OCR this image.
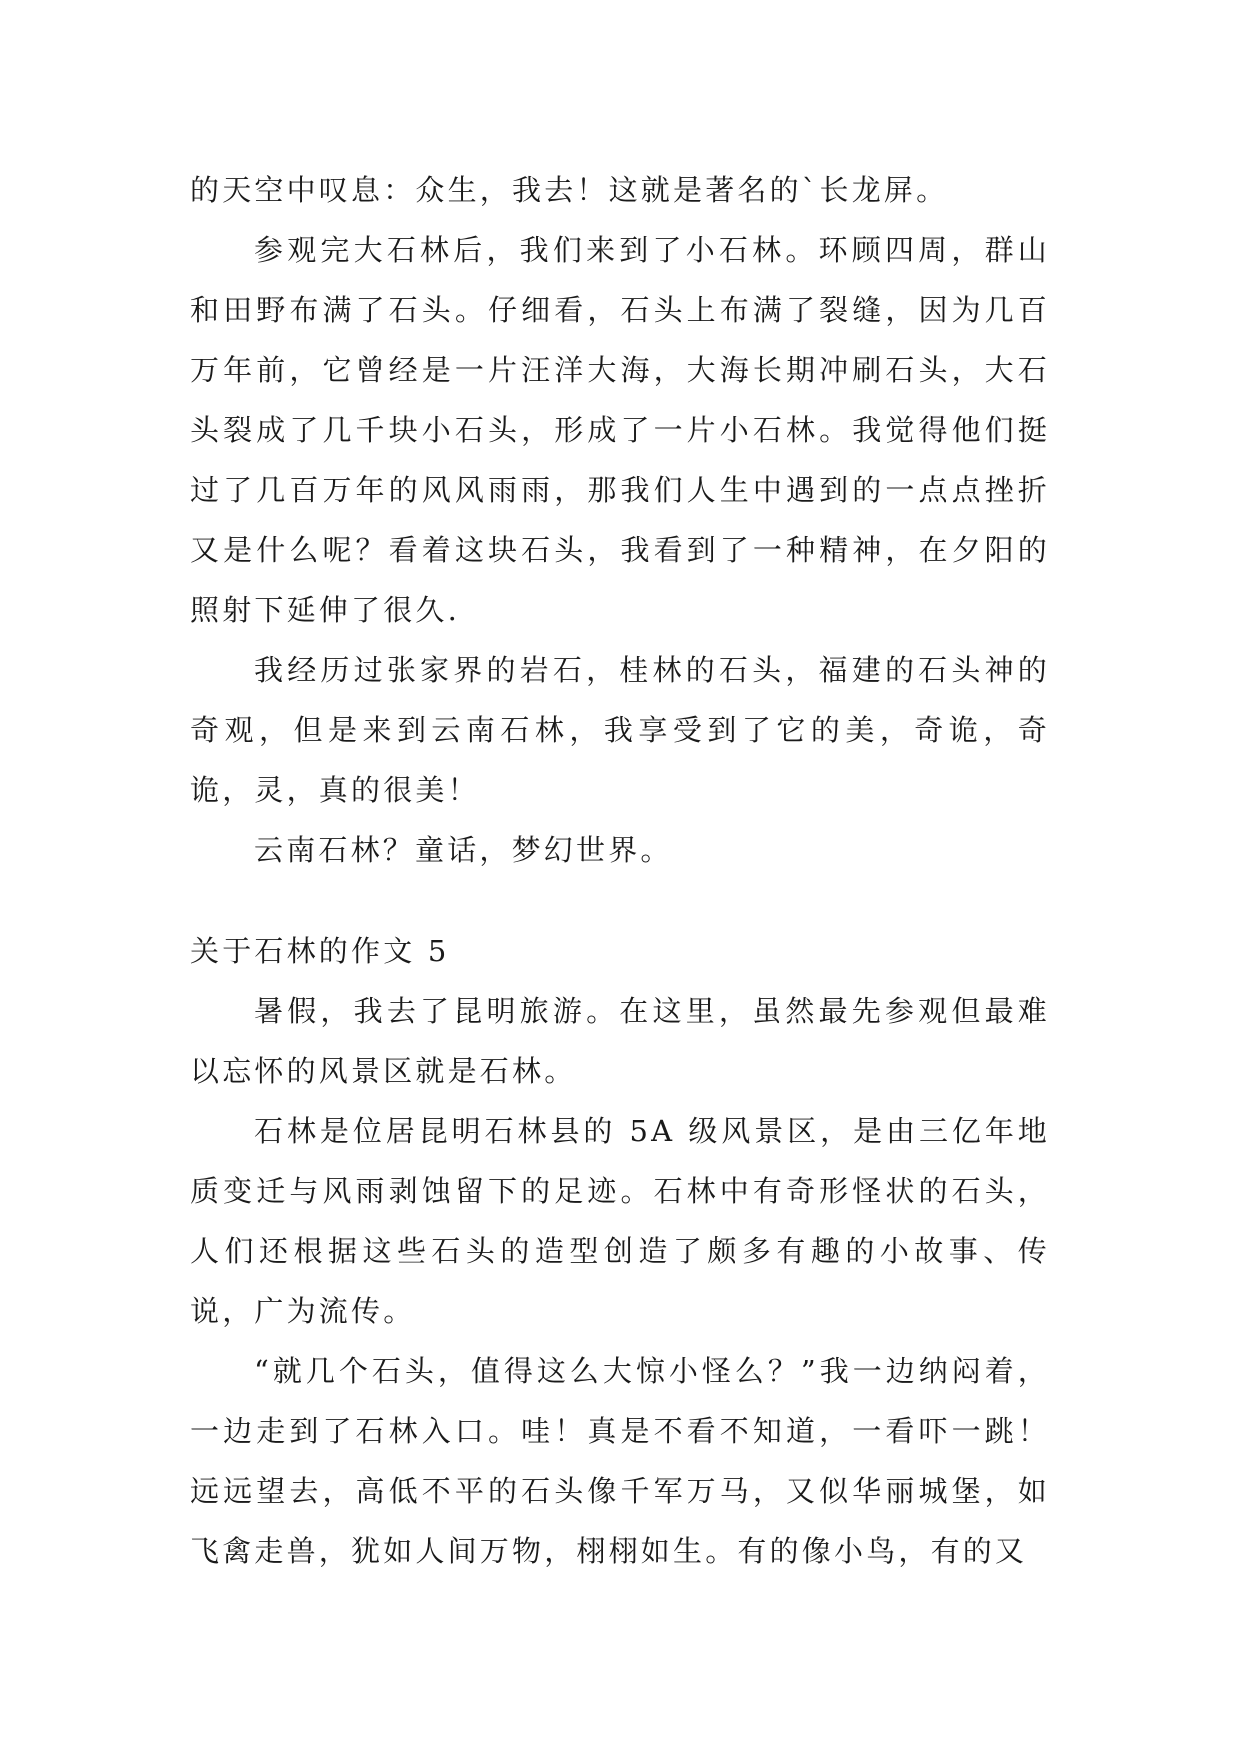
的天空中叹息：众生，我去！这就是著名的`长龙屏。

参观完大石林后，我们来到了小石林。环顾四周，群山和田野布满了石头。仔细看，石头上布满了裂缝，因为几百万年前，它曾经是一片汪洋大海，大海长期冲刷石头，大石头裂成了几千块小石头，形成了一片小石林。我觉得他们挺过了几百万年的风风雨雨，那我们人生中遇到的一点点挫折又是什么呢？看着这块石头，我看到了一种精神，在夕阳的照射下延伸了很久.

我经历过张家界的岩石，桂林的石头，福建的石头神的奇观，但是来到云南石林，我享受到了它的美，奇诡，奇诡，灵，真的很美！

云南石林？童话，梦幻世界。

关于石林的作文 5

暑假，我去了昆明旅游。在这里，虽然最先参观但最难以忘怀的风景区就是石林。

石林是位居昆明石林县的 5A 级风景区，是由三亿年地质变迁与风雨剥蚀留下的足迹。石林中有奇形怪状的石头，人们还根据这些石头的造型创造了颇多有趣的小故事、传说，广为流传。

“就几个石头，值得这么大惊小怪么？”我一边纳闷着，一边走到了石林入口。哇！真是不看不知道，一看吓一跳！远远望去，高低不平的石头像千军万马，又似华丽城堡，如飞禽走兽，犹如人间万物，栩栩如生。有的像小鸟，有的又
